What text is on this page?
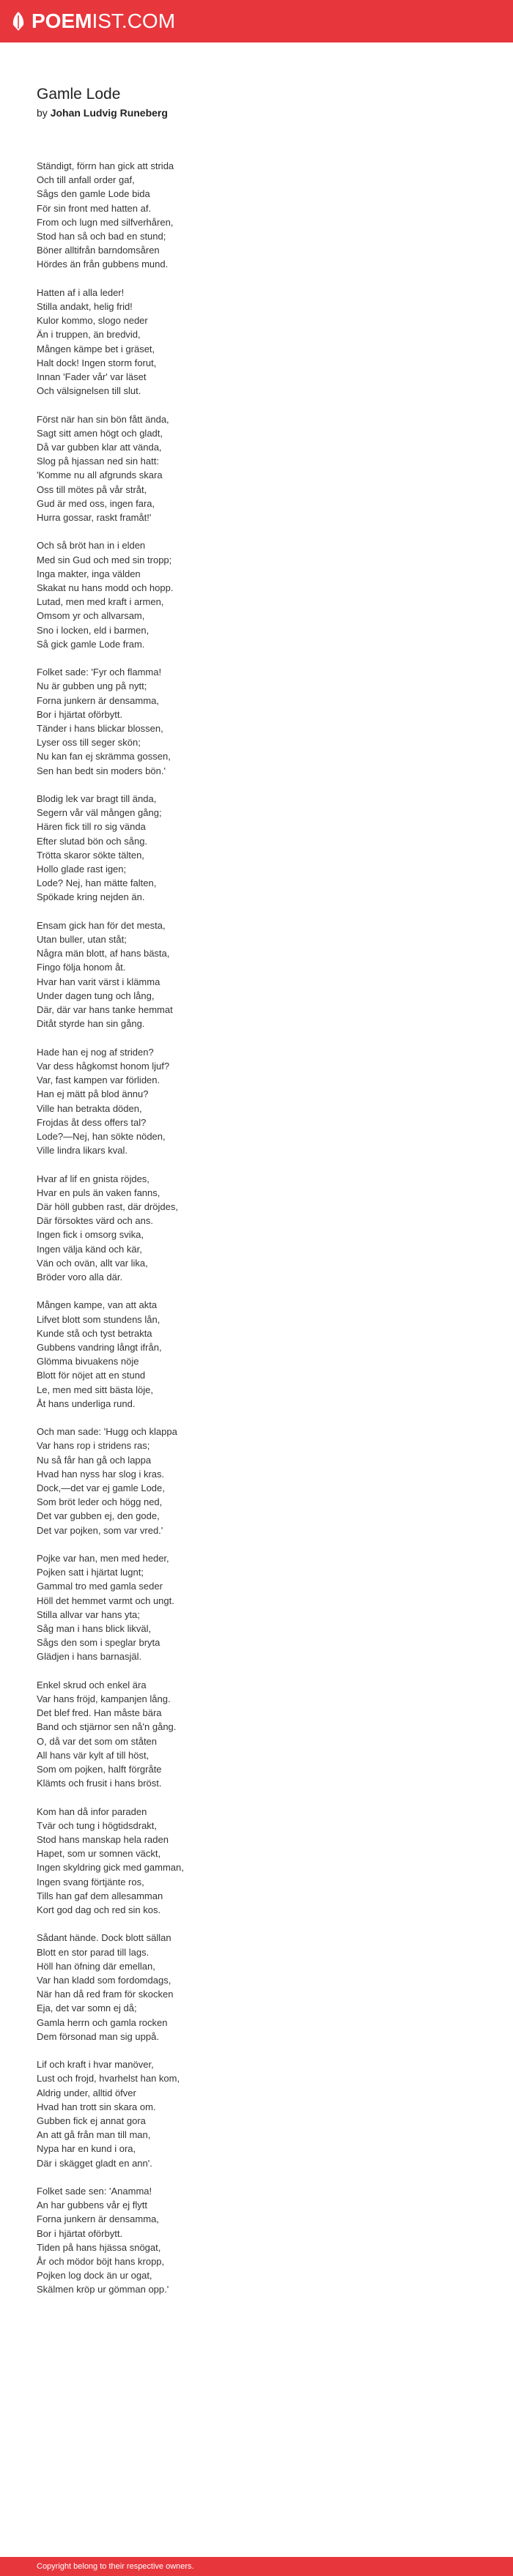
POEMIST.COM
Gamle Lode
by Johan Ludvig Runeberg
Ständigt, förrn han gick att strida
Och till anfall order gaf,
Sågs den gamle Lode bida
För sin front med hatten af.
From och lugn med silfverhåren,
Stod han så och bad en stund;
Böner alltifrån barndomsåren
Hördes än från gubbens mund.
Hatten af i alla leder!
Stilla andakt, helig frid!
Kulor kommo, slogo neder
Än i truppen, än bredvid,
Mången kämpe bet i gräset,
Halt dock! Ingen storm forut,
Innan 'Fader vår' var läset
Och välsignelsen till slut.
Först när han sin bön fått ända,
Sagt sitt amen högt och gladt,
Då var gubben klar att vända,
Slog på hjassan ned sin hatt:
'Komme nu all afgrunds skara
Oss till mötes på vår stråt,
Gud är med oss, ingen fara,
Hurra gossar, raskt framåt!'
Och så bröt han in i elden
Med sin Gud och med sin tropp;
Inga makter, inga välden
Skakat nu hans modd och hopp.
Lutad, men med kraft i armen,
Omsom yr och allvarsam,
Sno i locken, eld i barmen,
Så gick gamle Lode fram.
Folket sade: 'Fyr och flamma!
Nu är gubben ung på nytt;
Forna junkern är densamma,
Bor i hjärtat oförbytt.
Tänder i hans blickar blossen,
Lyser oss till seger skön;
Nu kan fan ej skrämma gossen,
Sen han bedt sin moders bön.'
Blodig lek var bragt till ända,
Segern vår väl mången gång;
Hären fick till ro sig vända
Efter slutad bön och sång.
Trötta skaror sökte tälten,
Hollo glade rast igen;
Lode? Nej, han mätte falten,
Spökade kring nejden än.
Ensam gick han för det mesta,
Utan buller, utan ståt;
Några män blott, af hans bästa,
Fingo följa honom åt.
Hvar han varit värst i klämma
Under dagen tung och lång,
Där, där var hans tanke hemmat
Ditåt styrde han sin gång.
Hade han ej nog af striden?
Var dess hågkomst honom ljuf?
Var, fast kampen var förliden.
Han ej mätt på blod ännu?
Ville han betrakta döden,
Frojdas åt dess offers tal?
Lode?—Nej, han sökte nöden,
Ville lindra likars kval.
Hvar af lif en gnista röjdes,
Hvar en puls än vaken fanns,
Där höll gubben rast, där dröjdes,
Där försoktes värd och ans.
Ingen fick i omsorg svika,
Ingen välja känd och kär,
Vän och ovän, allt var lika,
Bröder voro alla där.
Mången kampe, van att akta
Lifvet blott som stundens lån,
Kunde stå och tyst betrakta
Gubbens vandring långt ifrån,
Glömma bivuakens nöje
Blott för nöjet att en stund
Le, men med sitt bästa löje,
Åt hans underliga rund.
Och man sade: 'Hugg och klappa
Var hans rop i stridens ras;
Nu så får han gå och lappa
Hvad han nyss har slog i kras.
Dock,—det var ej gamle Lode,
Som bröt leder och högg ned,
Det var gubben ej, den gode,
Det var pojken, som var vred.'
Pojke var han, men med heder,
Pojken satt i hjärtat lugnt;
Gammal tro med gamla seder
Höll det hemmet varmt och ungt.
Stilla allvar var hans yta;
Såg man i hans blick likväl,
Sågs den som i speglar bryta
Glädjen i hans barnasjäl.
Enkel skrud och enkel ära
Var hans fröjd, kampanjen lång.
Det blef fred. Han måste bära
Band och stjärnor sen nå'n gång.
O, då var det som om ståten
All hans vär kylt af till höst,
Som om pojken, halft förgråte
Klämts och frusit i hans bröst.
Kom han då infor paraden
Tvär och tung i högtidsdrakt,
Stod hans manskap hela raden
Hapet, som ur somnen väckt,
Ingen skyldring gick med gamman,
Ingen svang förtjänte ros,
Tills han gaf dem allesamman
Kort god dag och red sin kos.
Sådant hände. Dock blott sällan
Blott en stor parad till lags.
Höll han öfning där emellan,
Var han kladd som fordomdags,
När han då red fram för skocken
Eja, det var somn ej då;
Gamla herrn och gamla rocken
Dem försonad man sig uppå.
Lif och kraft i hvar manöver,
Lust och frojd, hvarhelst han kom,
Aldrig under, alltid öfver
Hvad han trott sin skara om.
Gubben fick ej annat gora
An att gå från man till man,
Nypa har en kund i ora,
Där i skägget gladt en ann'.
Folket sade sen: 'Anamma!
An har gubbens vår ej flytt
Forna junkern är densamma,
Bor i hjärtat oförbytt.
Tiden på hans hjässa snögat,
År och mödor böjt hans kropp,
Pojken log dock än ur ogat,
Skälmen kröp ur gömman opp.'
Copyright belong to their respective owners.
